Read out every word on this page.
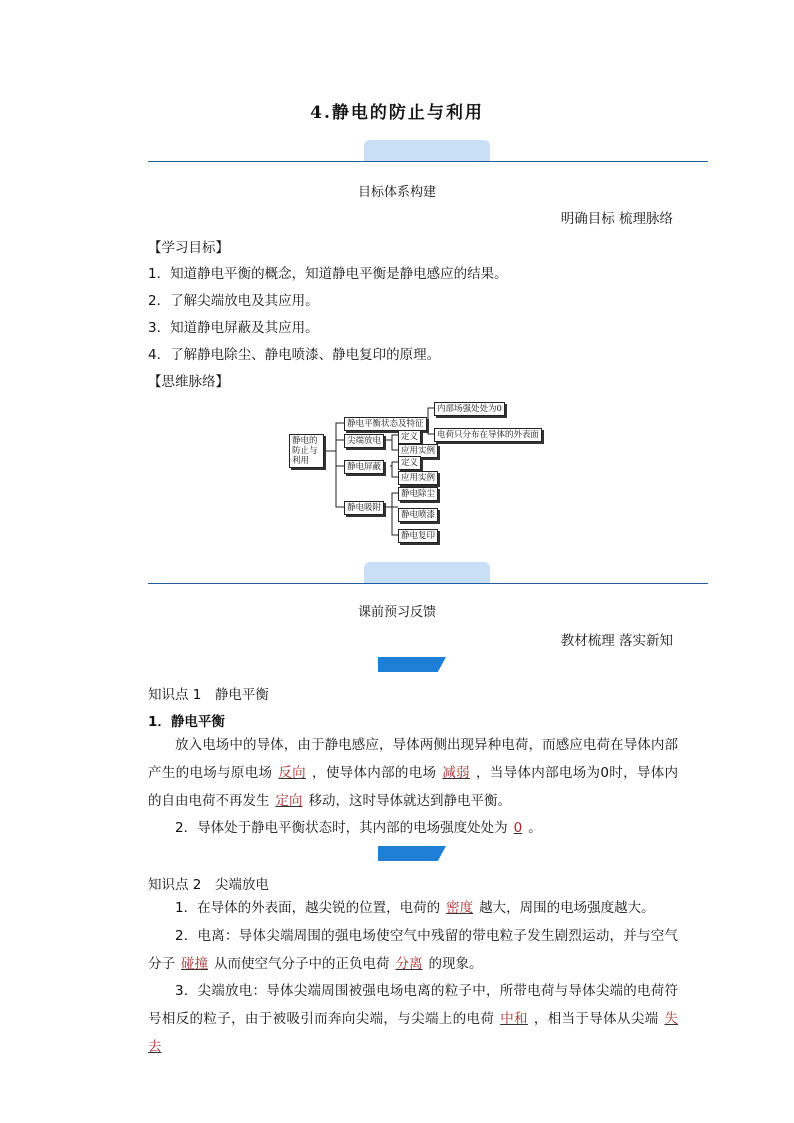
4.静电的防止与利用
目标体系构建
明确目标 梳理脉络
【学习目标】
1．知道静电平衡的概念，知道静电平衡是静电感应的结果。
2．了解尖端放电及其应用。
3．知道静电屏蔽及其应用。
4．了解静电除尘、静电喷漆、静电复印的原理。
【思维脉络】
静电的
防止与
利用
静电平衡状态及特征
内部场强处处为0
电荷只分布在导体的外表面
尖端放电	定义
应用实例
静电屏蔽	定义
应用实例
静电吸附
静电除尘
静电喷漆
静电复印
课前预习反馈
教材梳理 落实新知
知识点 1　静电平衡
1．静电平衡
放入电场中的导体，由于静电感应，导体两侧出现异种电荷，而感应电荷在导体内部产生的电场与原电场 反向 ，使导体内部的电场 减弱 ，当导体内部电场为0时，导体内的自由电荷不再发生 定向 移动，这时导体就达到静电平衡。
2．导体处于静电平衡状态时，其内部的电场强度处处为 0 。
知识点 2　尖端放电
1．在导体的外表面，越尖锐的位置，电荷的 密度 越大，周围的电场强度越大。
2．电离：导体尖端周围的强电场使空气中残留的带电粒子发生剧烈运动，并与空气分子 碰撞 从而使空气分子中的正负电荷 分离 的现象。
3．尖端放电：导体尖端周围被强电场电离的粒子中，所带电荷与导体尖端的电荷符号相反的粒子，由于被吸引而奔向尖端，与尖端上的电荷 中和 ，相当于导体从尖端 失去
